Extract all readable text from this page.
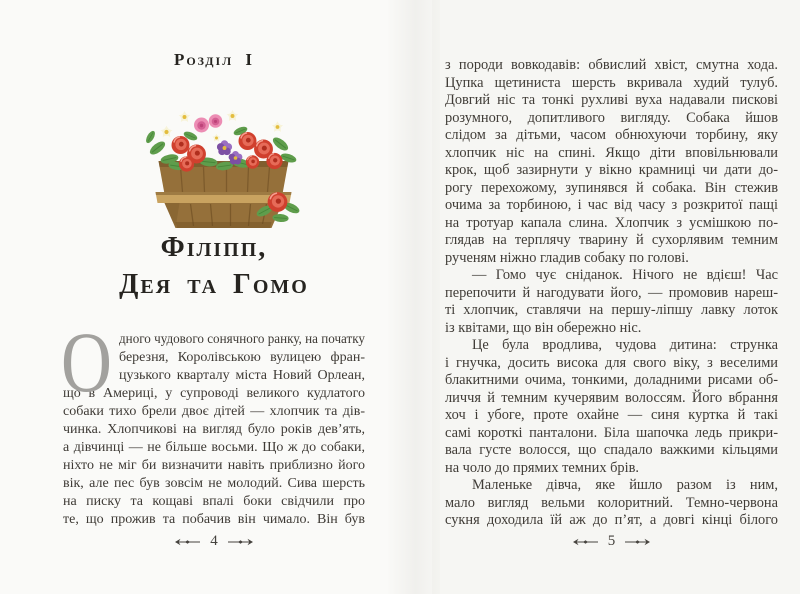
Розділ I
Філіпп,
Дея та Гомо
О дного чудового сонячного ранку, на початку
березня, Королівською вулицею фран-
цузького кварталу міста Новий Орлеан,
що в Америці, у супроводі великого кудлатого
собаки тихо брели двоє дітей — хлопчик та дів-
чинка. Хлопчикові на вигляд було років дев’ять,
а дівчинці — не більше восьми. Що ж до собаки,
ніхто не міг би визначити навіть приблизно його
вік, але пес був зовсім не молодий. Сива шерсть
на писку та кощаві впалі боки свідчили про
те, що прожив та побачив він чимало. Він був
4
з породи вовкодавів: обвислий хвіст, смутна хода.
Цупка щетиниста шерсть вкривала худий тулуб.
Довгий ніс та тонкі рухливі вуха надавали пискові
розумного, допитливого вигляду. Собака йшов
слідом за дітьми, часом обнюхуючи торбину, яку
хлопчик ніс на спині. Якщо діти вповільнювали
крок, щоб зазирнути у вікно крамниці чи дати до-
рогу перехожому, зупинявся й собака. Він стежив
очима за торбиною, і час від часу з розкритої пащі
на тротуар капала слина. Хлопчик з усмішкою по-
глядав на терплячу тварину й сухорлявим темним
рученям ніжно гладив собаку по голові.
— Гомо чує сніданок. Нічого не вдієш! Час
перепочити й нагодувати його, — промовив нареш-
ті хлопчик, ставлячи на першу-ліпшу лавку лоток
із квітами, що він обережно ніс.
Це була вродлива, чудова дитина: струнка
і гнучка, досить висока для свого віку, з веселими
блакитними очима, тонкими, доладними рисами об-
личчя й темним кучерявим волоссям. Його вбрання
хоч і убоге, проте охайне — синя куртка й такі
самі короткі панталони. Біла шапочка ледь прикри-
вала густе волосся, що спадало важкими кільцями
на чоло до прямих темних брів.
Маленьке дівча, яке йшло разом із ним,
мало вигляд вельми колоритний. Темно-червона
сукня доходила їй аж до п’ят, а довгі кінці білого
5
